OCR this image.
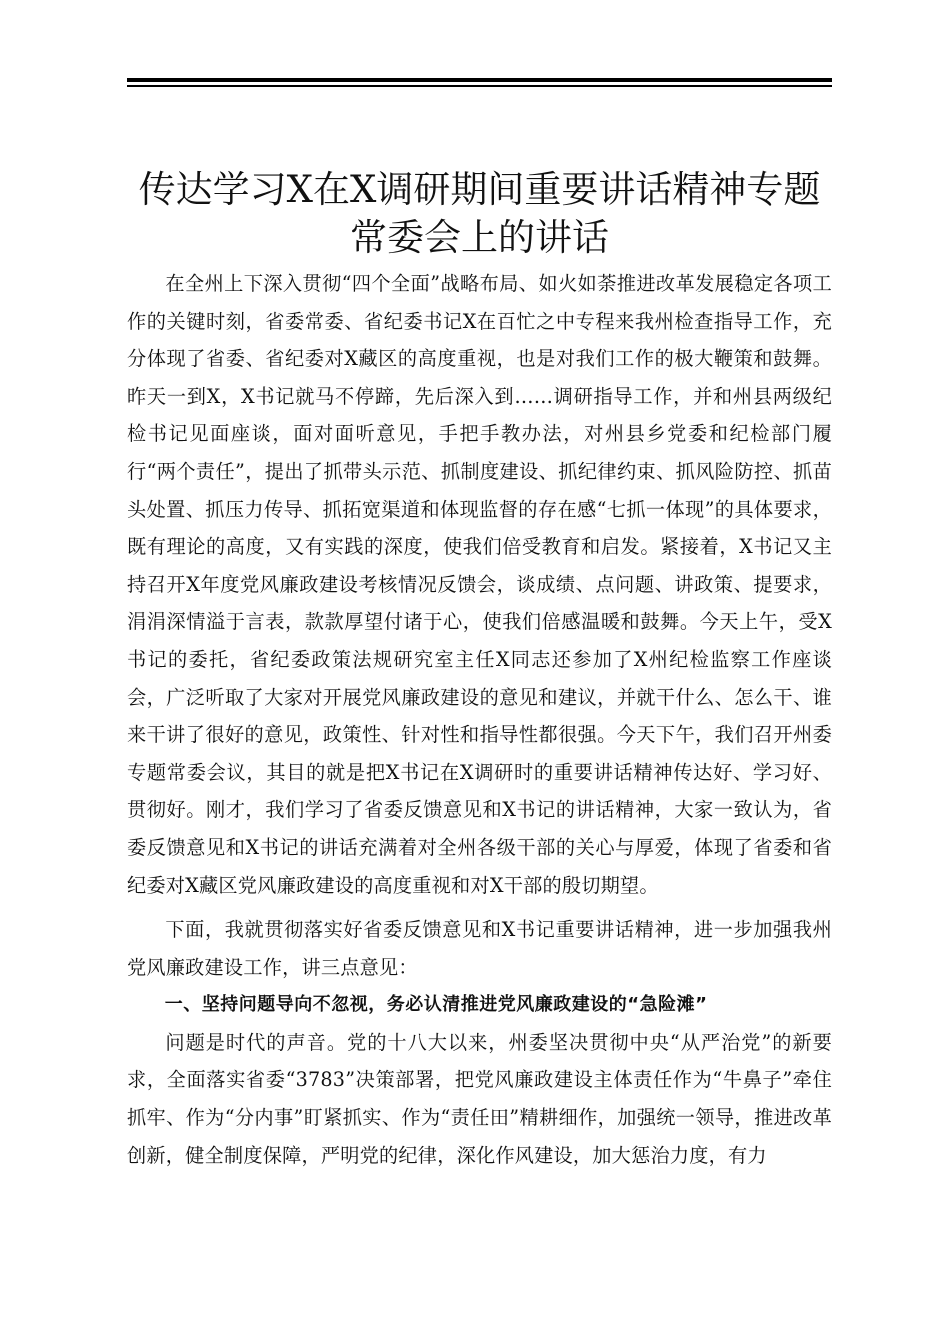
传达学习X在X调研期间重要讲话精神专题
常委会上的讲话

在全州上下深入贯彻“四个全面”战略布局、如火如荼推进改革发展稳定各项工作的关键时刻，省委常委、省纪委书记X在百忙之中专程来我州检查指导工作，充分体现了省委、省纪委对X藏区的高度重视，也是对我们工作的极大鞭策和鼓舞。昨天一到X，X书记就马不停蹄，先后深入到……调研指导工作，并和州县两级纪检书记见面座谈，面对面听意见，手把手教办法，对州县乡党委和纪检部门履行“两个责任”，提出了抓带头示范、抓制度建设、抓纪律约束、抓风险防控、抓苗头处置、抓压力传导、抓拓宽渠道和体现监督的存在感“七抓一体现”的具体要求，既有理论的高度，又有实践的深度，使我们倍受教育和启发。紧接着，X书记又主持召开X年度党风廉政建设考核情况反馈会，谈成绩、点问题、讲政策、提要求，涓涓深情溢于言表，款款厚望付诸于心，使我们倍感温暖和鼓舞。今天上午，受X书记的委托，省纪委政策法规研究室主任X同志还参加了X州纪检监察工作座谈会，广泛听取了大家对开展党风廉政建设的意见和建议，并就干什么、怎么干、谁来干讲了很好的意见，政策性、针对性和指导性都很强。今天下午，我们召开州委专题常委会议，其目的就是把X书记在X调研时的重要讲话精神传达好、学习好、贯彻好。刚才，我们学习了省委反馈意见和X书记的讲话精神，大家一致认为，省委反馈意见和X书记的讲话充满着对全州各级干部的关心与厚爱，体现了省委和省纪委对X藏区党风廉政建设的高度重视和对X干部的殷切期望。

下面，我就贯彻落实好省委反馈意见和X书记重要讲话精神，进一步加强我州党风廉政建设工作，讲三点意见：

一、坚持问题导向不忽视，务必认清推进党风廉政建设的“急险滩”

问题是时代的声音。党的十八大以来，州委坚决贯彻中央“从严治党”的新要求，全面落实省委“3783”决策部署，把党风廉政建设主体责任作为“牛鼻子”牵住抓牢、作为“分内事”盯紧抓实、作为“责任田”精耕细作，加强统一领导，推进改革创新，健全制度保障，严明党的纪律，深化作风建设，加大惩治力度，有力
